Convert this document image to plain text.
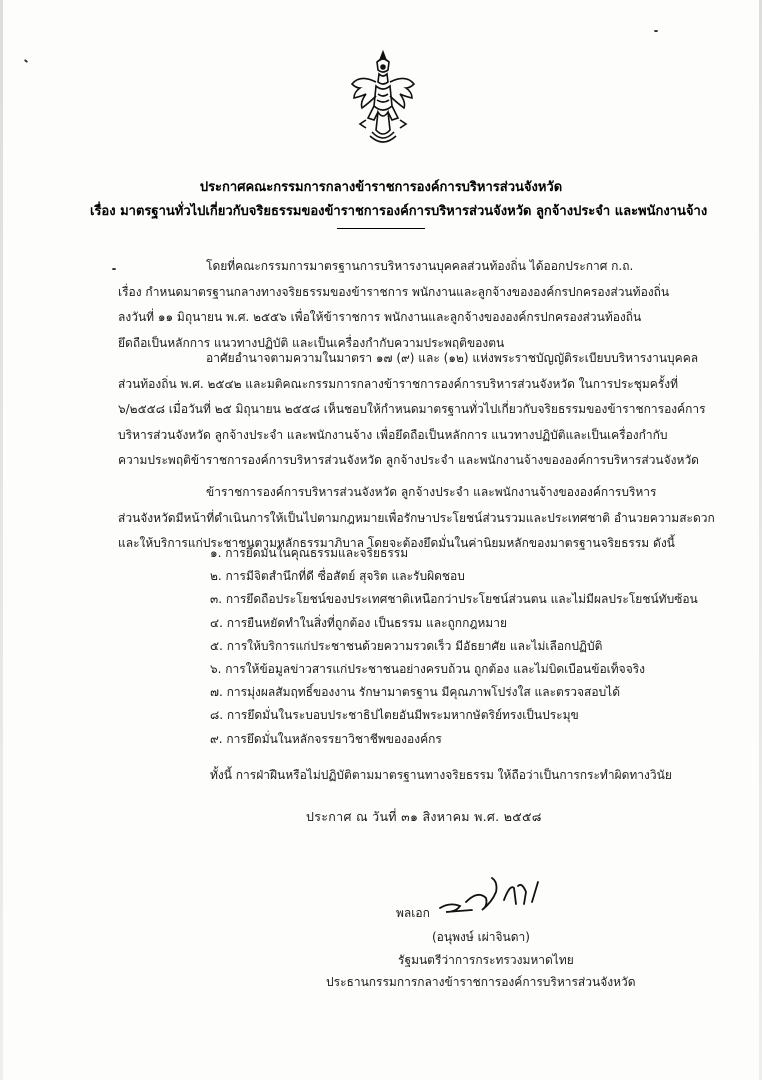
ประกาศคณะกรรมการกลางข้าราชการองค์การบริหารส่วนจังหวัด
เรื่อง มาตรฐานทั่วไปเกี่ยวกับจริยธรรมของข้าราชการองค์การบริหารส่วนจังหวัด ลูกจ้างประจำ และพนักงานจ้าง
โดยที่คณะกรรมการมาตรฐานการบริหารงานบุคคลส่วนท้องถิ่น ได้ออกประกาศ ก.ถ.
เรื่อง กำหนดมาตรฐานกลางทางจริยธรรมของข้าราชการ พนักงานและลูกจ้างขององค์กรปกครองส่วนท้องถิ่น
ลงวันที่ ๑๑ มิถุนายน พ.ศ. ๒๕๕๖ เพื่อให้ข้าราชการ พนักงานและลูกจ้างขององค์กรปกครองส่วนท้องถิ่น
ยึดถือเป็นหลักการ แนวทางปฏิบัติ และเป็นเครื่องกำกับความประพฤติของตน
อาศัยอำนาจตามความในมาตรา ๑๗ (๙) และ (๑๒) แห่งพระราชบัญญัติระเบียบบริหารงานบุคคล
ส่วนท้องถิ่น พ.ศ. ๒๕๔๒ และมติคณะกรรมการกลางข้าราชการองค์การบริหารส่วนจังหวัด ในการประชุมครั้งที่
๖/๒๕๕๘ เมื่อวันที่ ๒๕ มิถุนายน ๒๕๕๘ เห็นชอบให้กำหนดมาตรฐานทั่วไปเกี่ยวกับจริยธรรมของข้าราชการองค์การ
บริหารส่วนจังหวัด ลูกจ้างประจำ และพนักงานจ้าง เพื่อยึดถือเป็นหลักการ แนวทางปฏิบัติและเป็นเครื่องกำกับ
ความประพฤติข้าราชการองค์การบริหารส่วนจังหวัด ลูกจ้างประจำ และพนักงานจ้างขององค์การบริหารส่วนจังหวัด
ข้าราชการองค์การบริหารส่วนจังหวัด ลูกจ้างประจำ และพนักงานจ้างขององค์การบริหาร
ส่วนจังหวัดมีหน้าที่ดำเนินการให้เป็นไปตามกฎหมายเพื่อรักษาประโยชน์ส่วนรวมและประเทศชาติ อำนวยความสะดวก
และให้บริการแก่ประชาชนตามหลักธรรมาภิบาล โดยจะต้องยึดมั่นในค่านิยมหลักของมาตรฐานจริยธรรม ดังนี้
๑. การยึดมั่นในคุณธรรมและจริยธรรม
๒. การมีจิตสำนึกที่ดี ซื่อสัตย์ สุจริต และรับผิดชอบ
๓. การยึดถือประโยชน์ของประเทศชาติเหนือกว่าประโยชน์ส่วนตน และไม่มีผลประโยชน์ทับซ้อน
๔. การยืนหยัดทำในสิ่งที่ถูกต้อง เป็นธรรม และถูกกฎหมาย
๕. การให้บริการแก่ประชาชนด้วยความรวดเร็ว มีอัธยาศัย และไม่เลือกปฏิบัติ
๖. การให้ข้อมูลข่าวสารแก่ประชาชนอย่างครบถ้วน ถูกต้อง และไม่บิดเบือนข้อเท็จจริง
๗. การมุ่งผลสัมฤทธิ์ของงาน รักษามาตรฐาน มีคุณภาพโปร่งใส และตรวจสอบได้
๘. การยึดมั่นในระบอบประชาธิปไตยอันมีพระมหากษัตริย์ทรงเป็นประมุข
๙. การยึดมั่นในหลักจรรยาวิชาชีพขององค์กร
ทั้งนี้ การฝ่าฝืนหรือไม่ปฏิบัติตามมาตรฐานทางจริยธรรม ให้ถือว่าเป็นการกระทำผิดทางวินัย
ประกาศ ณ วันที่ ๓๑ สิงหาคม พ.ศ. ๒๕๕๘
พลเอก
(อนุพงษ์ เผ่าจินดา)
รัฐมนตรีว่าการกระทรวงมหาดไทย
ประธานกรรมการกลางข้าราชการองค์การบริหารส่วนจังหวัด
